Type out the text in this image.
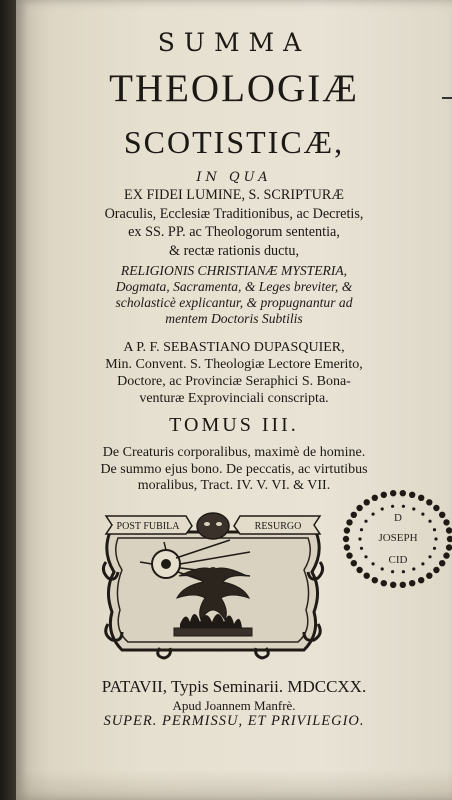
SUMMA
THEOLOGIÆ
SCOTISTICÆ,
IN QUA
EX FIDEI LUMINE, S. SCRIPTURÆ
Oraculis, Ecclesiæ Traditionibus, ac Decretis,
ex SS. PP. ac Theologorum sententia,
& rectæ rationis ductu,
RELIGIONIS CHRISTIANÆ MYSTERIA,
Dogmata, Sacramenta, & Leges breviter, &
scholasticè explicantur, & propugnantur ad
mentem Doctoris Subtilis
A P. F. SEBASTIANO DUPASQUIER,
Min. Convent. S. Theologiæ Lectore Emerito,
Doctore, ac Provinciæ Seraphici S. Bona-
venturæ Exprovinciali conscripta.
TOMUS III.
De Creaturis corporalibus, maximè de homine.
De summo ejus bono. De peccatis, ac virtutibus
moralibus, Tract. IV. V. VI. & VII.
POST FUBILA	RESURGO
D
JOSEPH
CID
PATAVII, Typis Seminarii. MDCCXX.
Apud Joannem Manfrè.
SUPER. PERMISSU, ET PRIVILEGIO.
